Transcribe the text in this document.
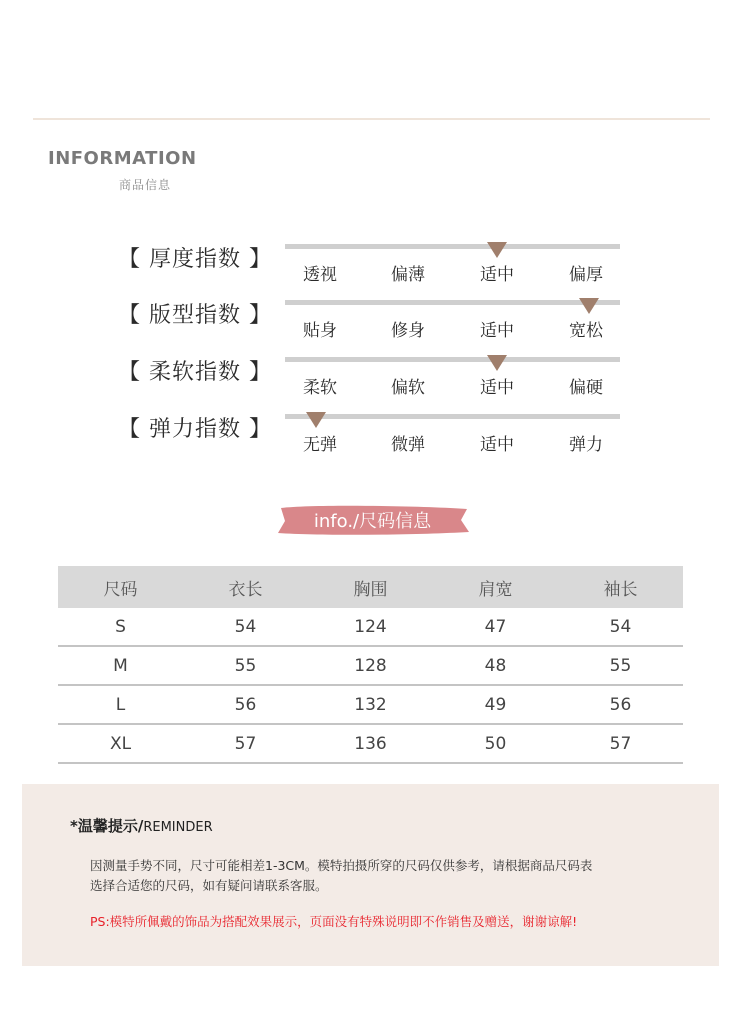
INFORMATION
商品信息
【 厚度指数 】
透视	偏薄	适中	偏厚
【 版型指数 】
贴身	修身	适中	宽松
【 柔软指数 】
柔软	偏软	适中	偏硬
【 弹力指数 】
无弹	微弹	适中	弹力
info./尺码信息
尺码	衣长	胸围	肩宽	袖长
S	54	124	47	54
M	55	128	48	55
L	56	132	49	56
XL	57	136	50	57
*温馨提示/REMINDER
因测量手势不同，尺寸可能相差1-3CM。模特拍摄所穿的尺码仅供参考，请根据商品尺码表
选择合适您的尺码，如有疑问请联系客服。
PS:模特所佩戴的饰品为搭配效果展示，页面没有特殊说明即不作销售及赠送，谢谢谅解!
